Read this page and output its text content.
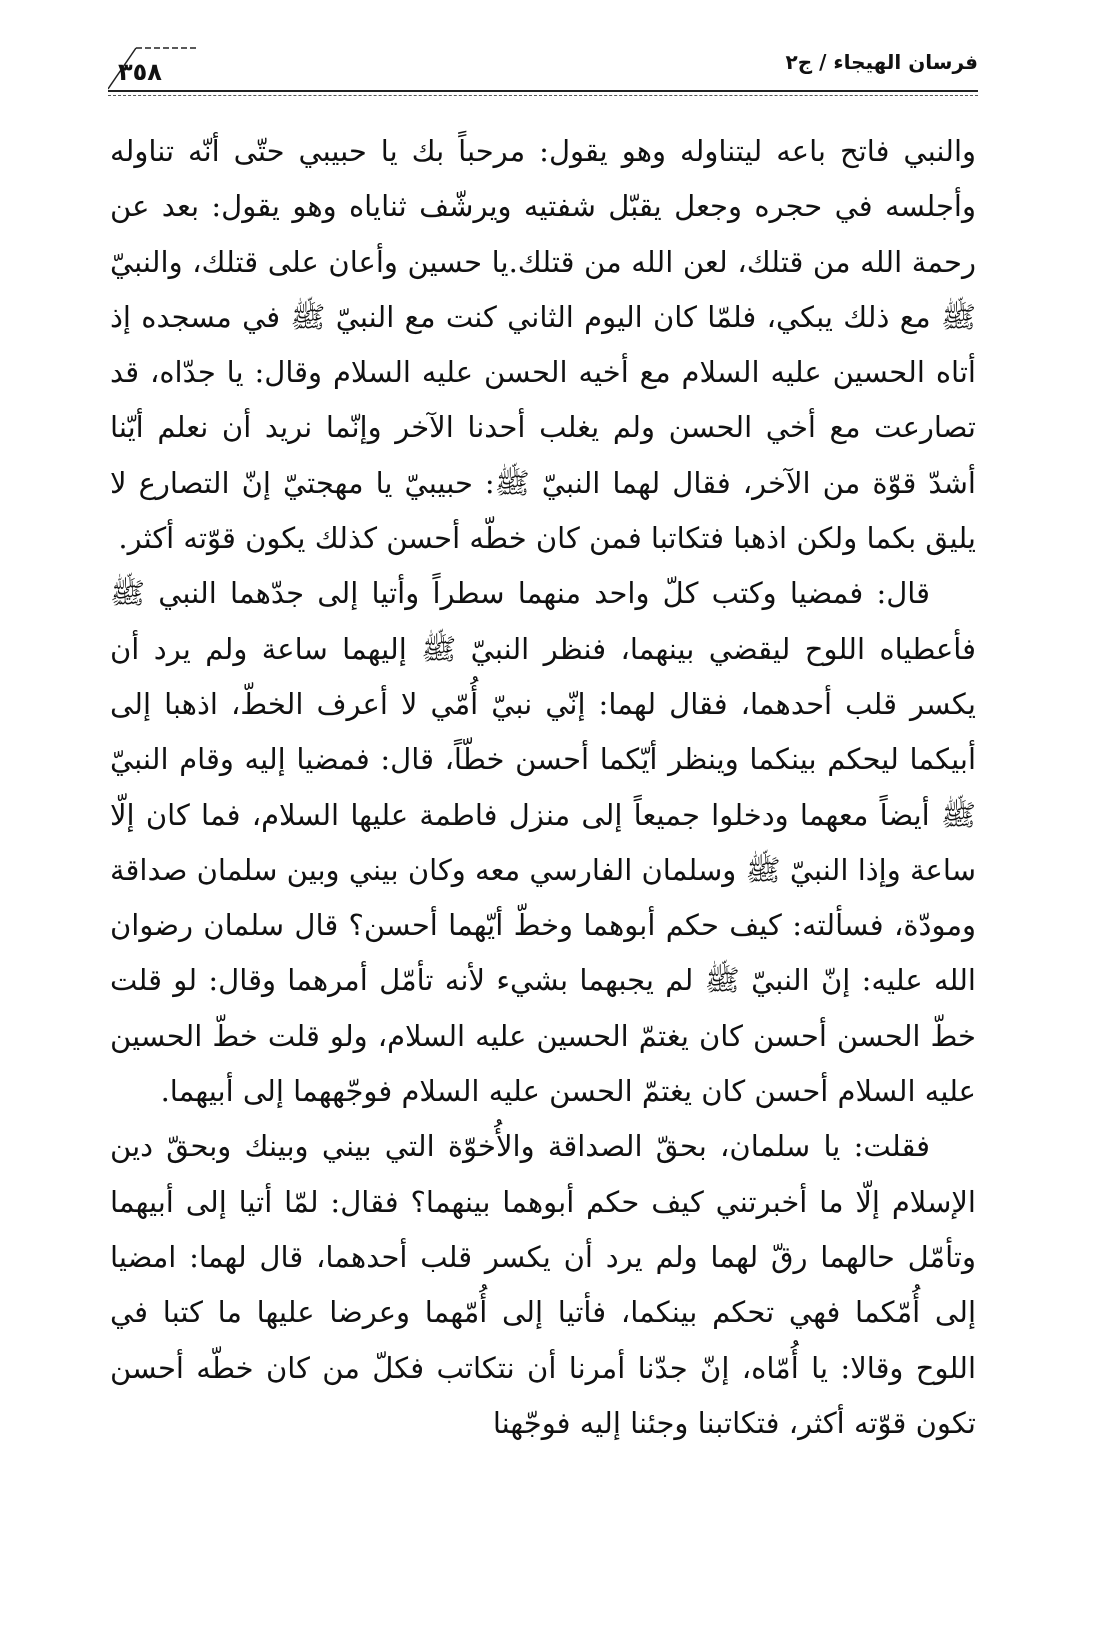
فرسان الهيجاء / ج٢
٣٥٨

والنبي فاتح باعه ليتناوله وهو يقول: مرحباً بك يا حبيبي حتّى أنّه تناوله وأجلسه في حجره وجعل يقبّل شفتيه ويرشّف ثناياه وهو يقول: بعد عن رحمة الله من قتلك، لعن الله من قتلك.يا حسين وأعان على قتلك، والنبيّ ﷺ مع ذلك يبكي، فلمّا كان اليوم الثاني كنت مع النبيّ ﷺ في مسجده إذ أتاه الحسين عليه السلام مع أخيه الحسن عليه السلام وقال: يا جدّاه، قد تصارعت مع أخي الحسن ولم يغلب أحدنا الآخر وإنّما نريد أن نعلم أيّنا أشدّ قوّة من الآخر، فقال لهما النبيّ ﷺ: حبيبيّ يا مهجتيّ إنّ التصارع لا يليق بكما ولكن اذهبا فتكاتبا فمن كان خطّه أحسن كذلك يكون قوّته أكثر.

قال: فمضيا وكتب كلّ واحد منهما سطراً وأتيا إلى جدّهما النبي ﷺ فأعطياه اللوح ليقضي بينهما، فنظر النبيّ ﷺ إليهما ساعة ولم يرد أن يكسر قلب أحدهما، فقال لهما: إنّي نبيّ أُمّي لا أعرف الخطّ، اذهبا إلى أبيكما ليحكم بينكما وينظر أيّكما أحسن خطّاً، قال: فمضيا إليه وقام النبيّ ﷺ أيضاً معهما ودخلوا جميعاً إلى منزل فاطمة عليها السلام، فما كان إلّا ساعة وإذا النبيّ ﷺ وسلمان الفارسي معه وكان بيني وبين سلمان صداقة ومودّة، فسألته: كيف حكم أبوهما وخطّ أيّهما أحسن؟ قال سلمان رضوان الله عليه: إنّ النبيّ ﷺ لم يجبهما بشيء لأنه تأمّل أمرهما وقال: لو قلت خطّ الحسن أحسن كان يغتمّ الحسين عليه السلام، ولو قلت خطّ الحسين عليه السلام أحسن كان يغتمّ الحسن عليه السلام فوجّههما إلى أبيهما.

فقلت: يا سلمان، بحقّ الصداقة والأُخوّة التي بيني وبينك وبحقّ دين الإسلام إلّا ما أخبرتني كيف حكم أبوهما بينهما؟ فقال: لمّا أتيا إلى أبيهما وتأمّل حالهما رقّ لهما ولم يرد أن يكسر قلب أحدهما، قال لهما: امضيا إلى أُمّكما فهي تحكم بينكما، فأتيا إلى أُمّهما وعرضا عليها ما كتبا في اللوح وقالا: يا أُمّاه، إنّ جدّنا أمرنا أن نتكاتب فكلّ من كان خطّه أحسن تكون قوّته أكثر، فتكاتبنا وجئنا إليه فوجّهنا
